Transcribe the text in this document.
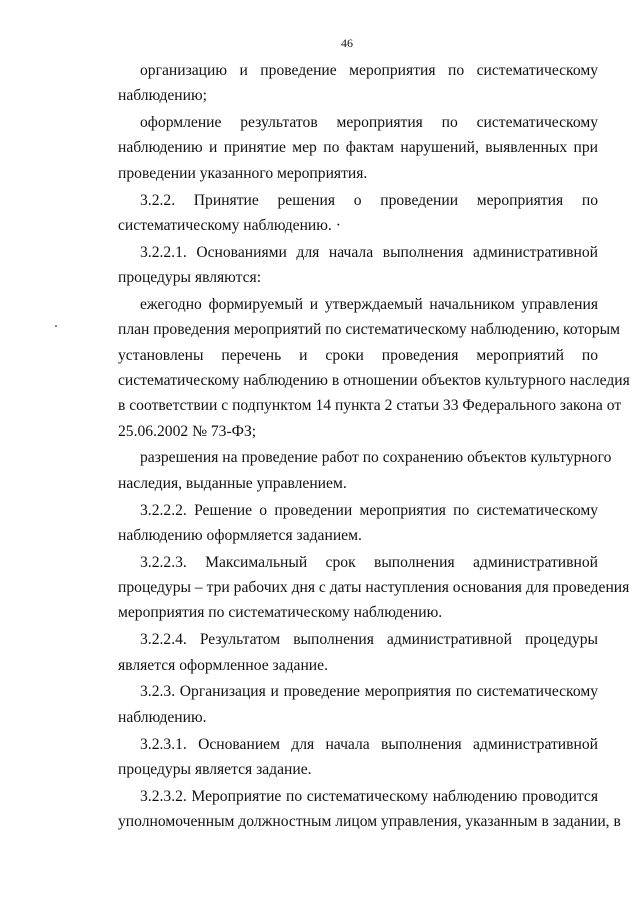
46
организацию и проведение мероприятия по систематическому
наблюдению;
оформление результатов мероприятия по систематическому
наблюдению и принятие мер по фактам нарушений, выявленных при
проведении указанного мероприятия.
3.2.2. Принятие решения о проведении мероприятия по
систематическому наблюдению. ·
3.2.2.1. Основаниями для начала выполнения административной
процедуры являются:
ежегодно формируемый и утверждаемый начальником управления
план проведения мероприятий по систематическому наблюдению, которым
установлены перечень и сроки проведения мероприятий по
систематическому наблюдению в отношении объектов культурного наследия
в соответствии с подпунктом 14 пункта 2 статьи 33 Федерального закона от
25.06.2002 № 73-ФЗ;
разрешения на проведение работ по сохранению объектов культурного
наследия, выданные управлением.
3.2.2.2. Решение о проведении мероприятия по систематическому
наблюдению оформляется заданием.
3.2.2.3. Максимальный срок выполнения административной
процедуры – три рабочих дня с даты наступления основания для проведения
мероприятия по систематическому наблюдению.
3.2.2.4. Результатом выполнения административной процедуры
является оформленное задание.
3.2.3. Организация и проведение мероприятия по систематическому
наблюдению.
3.2.3.1. Основанием для начала выполнения административной
процедуры является задание.
3.2.3.2. Мероприятие по систематическому наблюдению проводится
уполномоченным должностным лицом управления, указанным в задании, в
